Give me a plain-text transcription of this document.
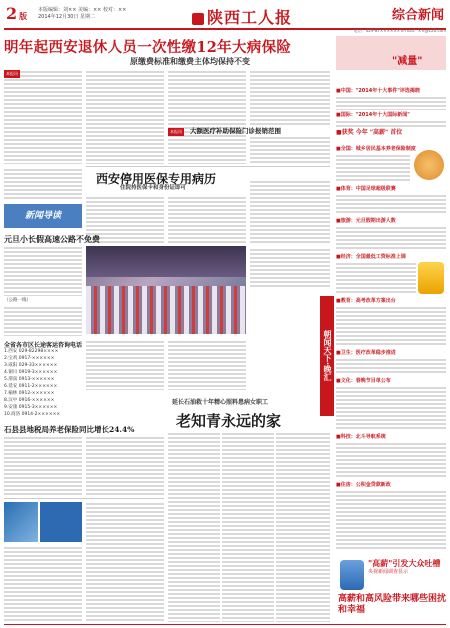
2 版
本版编辑：刘×× 美编：×× 校对：××
2014年12月30日 星期二	陕西工人报	综合新闻
电话：029-87×××××× E-mail：××@126.com
明年起西安退休人员一次性缴12年大病保险
原缴费标准和缴费主体均保持不变
本报讯
本报讯	大额医疗补助保险门诊报销范围
西安停用医保专用病历
住院持医保卡和身份证即可
新闻导读
元旦小长假高速公路不免费
（公路一线）
全省各市区长途客运咨询电话
1.西安 029-82298××××
2.宝鸡 0917-××××××
3.咸阳 029-33××××××
4.铜川 0919-3××××××
5.渭南 0913-××××××
6.延安 0911-2××××××
7.榆林 0912-××××××
8.汉中 0916-××××××
9.安康 0915-3××××××
10.商洛 0914-2××××××
石县县地税局养老保险同比增长24.4%
延长石油救十年精心照料患病女职工
老知青永远的家
朝闻天下·晚汇
"减量"
■中国："2014年十大事件"评选揭晓
■国际："2014年十大国际新闻"
■获奖 今年 "高薪" 首位
■全国：城乡居民基本养老保险制度
■体育：中国足球超级联赛
■旅游：元旦假期出游人数
■经济：全国最低工资标准上调
■教育：高考改革方案出台
■卫生：医疗改革稳步推进
■文化：春晚节目单公布
■科技：北斗导航系统
■住房：公积金贷款新政
"高薪"引发大众吐槽
央视新闻调查显示
高薪和高风险带来哪些困扰和幸福
